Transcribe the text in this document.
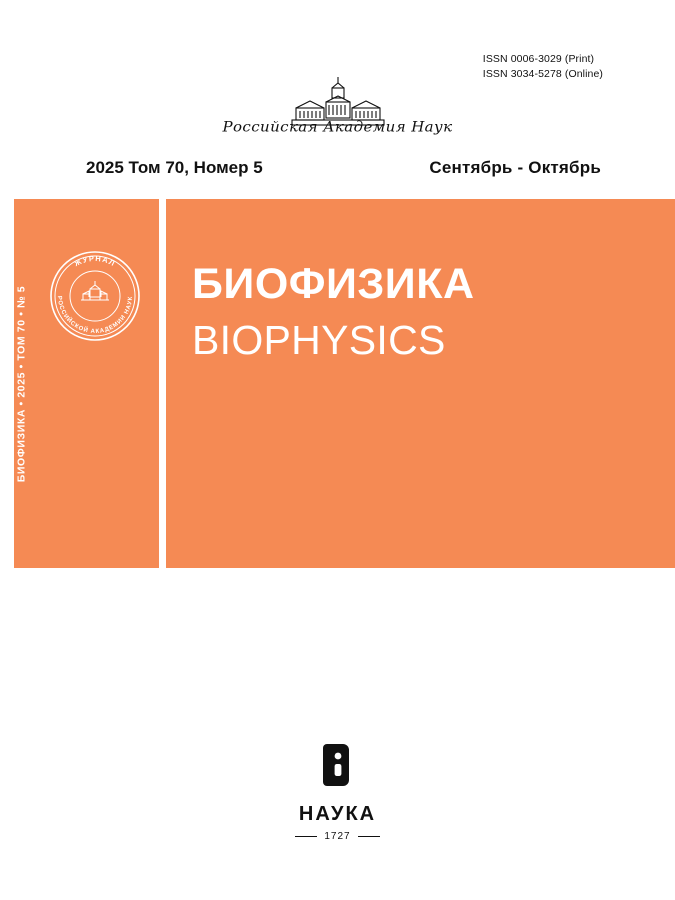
ISSN 0006-3029 (Print)
ISSN 3034-5278 (Online)
Российская Академия Наук
2025 Том 70, Номер 5	Сентябрь - Октябрь
БИОФИЗИКА • 2025 • ТОМ 70 • № 5
ЖУРНАЛ
РОССИЙСКОЙ АКАДЕМИИ НАУК БИОФИЗИКА
BIOPHYSICS
НАУКА
1727
